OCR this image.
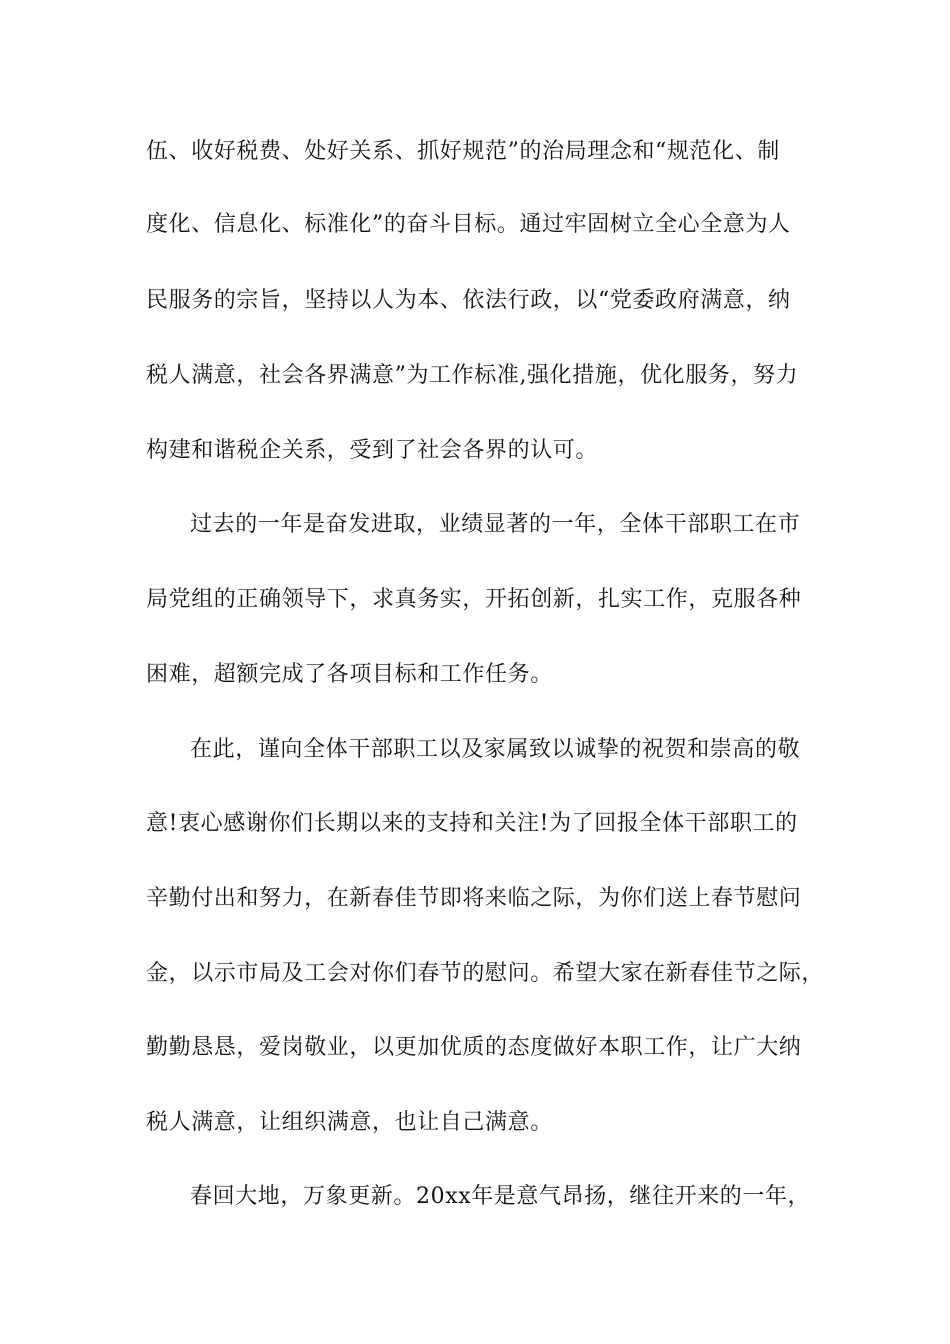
伍、收好税费、处好关系、抓好规范”的治局理念和“规范化、制
度化、信息化、标准化”的奋斗目标。通过牢固树立全心全意为人
民服务的宗旨，坚持以人为本、依法行政，以“党委政府满意，纳
税人满意，社会各界满意”为工作标准,强化措施，优化服务，努力
构建和谐税企关系，受到了社会各界的认可。
过去的一年是奋发进取，业绩显著的一年，全体干部职工在市
局党组的正确领导下，求真务实，开拓创新，扎实工作，克服各种
困难，超额完成了各项目标和工作任务。
在此，谨向全体干部职工以及家属致以诚挚的祝贺和崇高的敬
意!衷心感谢你们长期以来的支持和关注!为了回报全体干部职工的
辛勤付出和努力，在新春佳节即将来临之际，为你们送上春节慰问
金，以示市局及工会对你们春节的慰问。希望大家在新春佳节之际，
勤勤恳恳，爱岗敬业，以更加优质的态度做好本职工作，让广大纳
税人满意，让组织满意，也让自己满意。
春回大地，万象更新。20xx年是意气昂扬，继往开来的一年，
